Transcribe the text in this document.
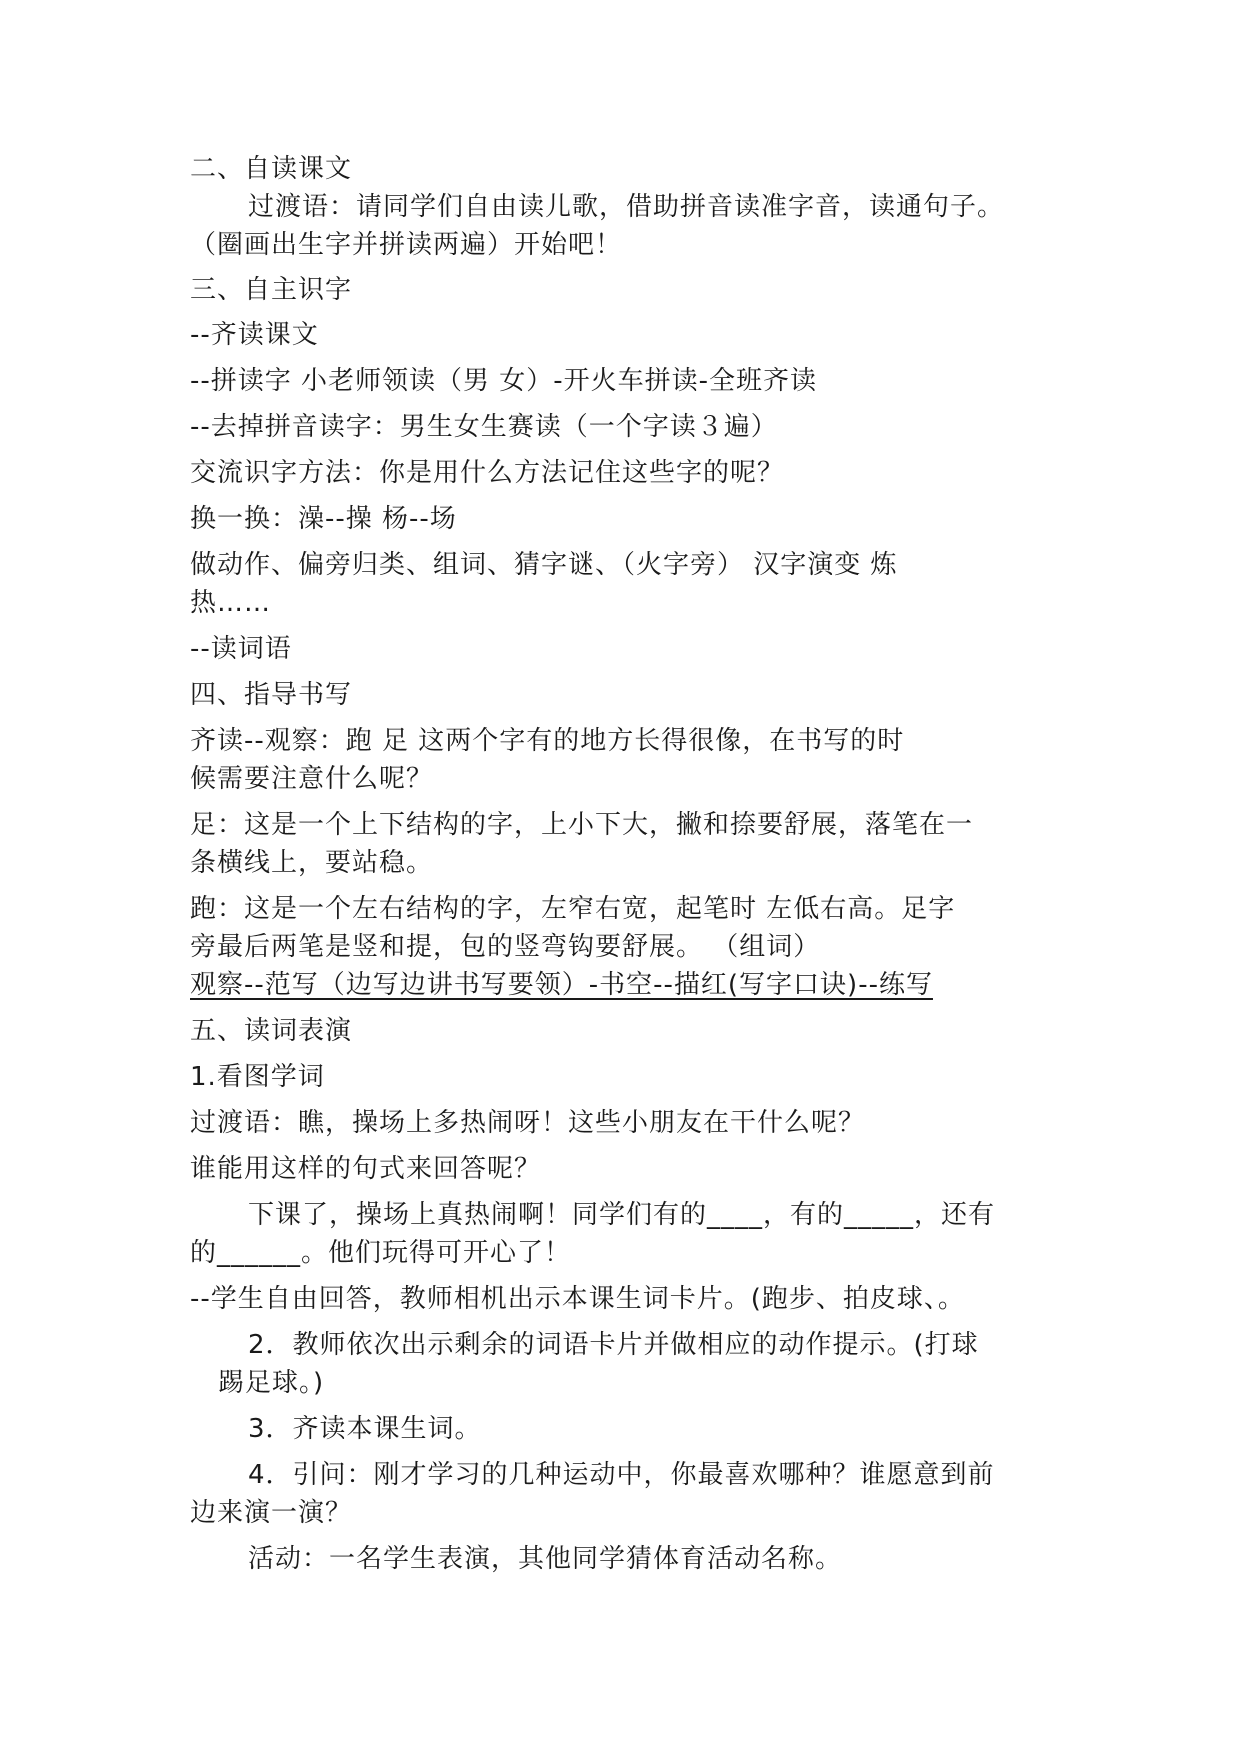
二、自读课文
过渡语：请同学们自由读儿歌，借助拼音读准字音，读通句子。
（圈画出生字并拼读两遍）开始吧！
三、自主识字
--齐读课文
--拼读字 小老师领读（男 女）-开火车拼读-全班齐读
--去掉拼音读字：男生女生赛读（一个字读３遍）
交流识字方法：你是用什么方法记住这些字的呢？
换一换：澡--操 杨--场
做动作、偏旁归类、组词、猜字谜、（火字旁） 汉字演变 炼
热……
--读词语
四、指导书写
齐读--观察：跑 足 这两个字有的地方长得很像，在书写的时
候需要注意什么呢？
足：这是一个上下结构的字，上小下大，撇和捺要舒展，落笔在一
条横线上，要站稳。
跑：这是一个左右结构的字，左窄右宽，起笔时 左低右高。足字
旁最后两笔是竖和提，包的竖弯钩要舒展。 （组词）
观察--范写（边写边讲书写要领）-书空--描红(写字口诀)--练写
五、读词表演
1.看图学词
过渡语：瞧，操场上多热闹呀！这些小朋友在干什么呢？
谁能用这样的句式来回答呢？
下课了，操场上真热闹啊！同学们有的____，有的_____，还有
的______。他们玩得可开心了！
--学生自由回答，教师相机出示本课生词卡片。(跑步、拍皮球、。
2．教师依次出示剩余的词语卡片并做相应的动作提示。(打球
踢足球。)
3．齐读本课生词。
4．引问：刚才学习的几种运动中，你最喜欢哪种？谁愿意到前
边来演一演？
活动：一名学生表演，其他同学猜体育活动名称。
